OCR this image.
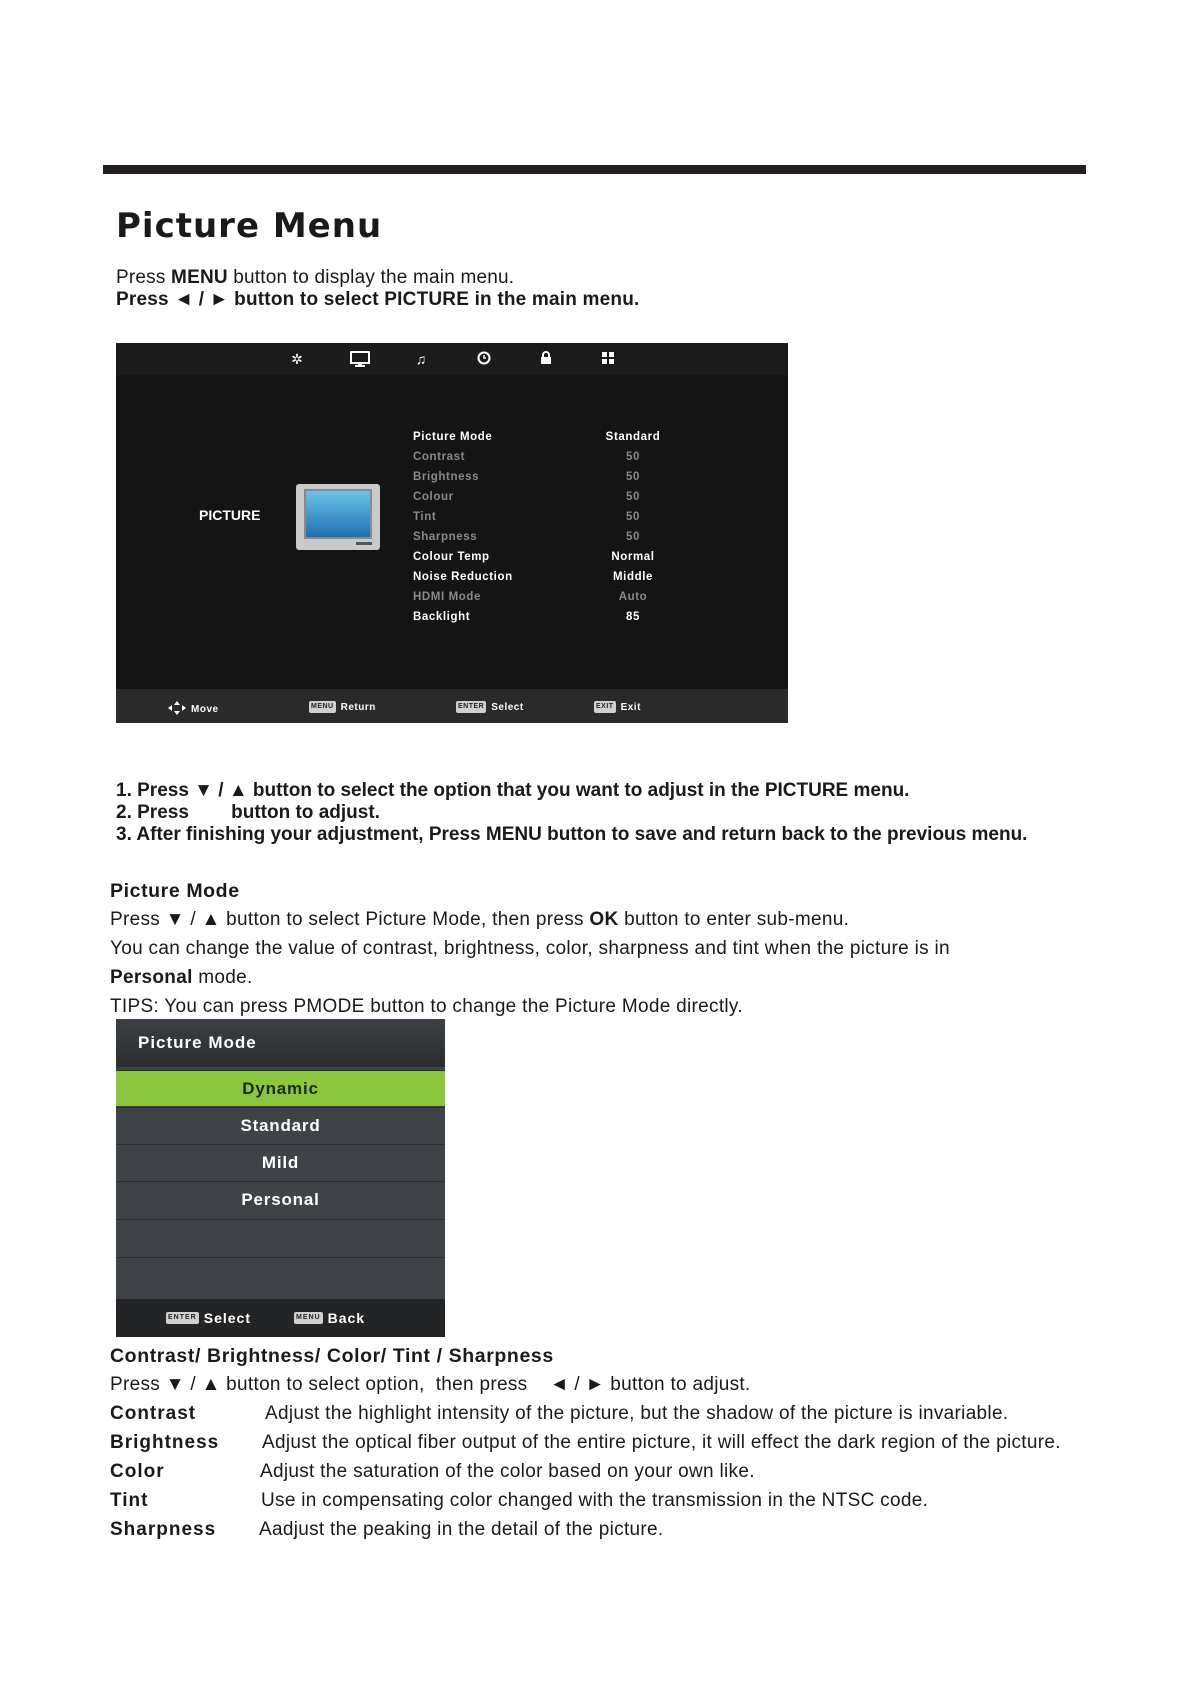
Picture Menu
Press MENU button to display the main menu.
Press ◄ / ► button to select PICTURE in the main menu.
✲	♫
PICTURE
Picture Mode	Standard
Contrast	50
Brightness	50
Colour	50
Tint	50
Sharpness	50
Colour Temp	Normal
Noise Reduction	Middle
HDMI Mode	Auto
Backlight	85
Move	MENU Return	ENTER Select	EXIT Exit
1. Press ▼ / ▲ button to select the option that you want to adjust in the PICTURE menu.
2. Press        button to adjust.
3. After finishing your adjustment, Press MENU button to save and return back to the previous menu.
Picture Mode
Press ▼ / ▲ button to select Picture Mode, then press OK button to enter sub-menu.
You can change the value of contrast, brightness, color, sharpness and tint when the picture is in
Personal mode.
TIPS: You can press PMODE button to change the Picture Mode directly.
Picture Mode
Dynamic
Standard
Mild
Personal
ENTER Select	MENU Back
Contrast/ Brightness/ Color/ Tint / Sharpness
Press ▼ / ▲ button to select option,  then press    ◄ / ► button to adjust.
Contrast	Adjust the highlight intensity of the picture, but the shadow of the picture is invariable.
Brightness Adjust the optical fiber output of the entire picture, it will effect the dark region of the picture.
Color	Adjust the saturation of the color based on your own like.
Tint	Use in compensating color changed with the transmission in the NTSC code.
Sharpness Aadjust the peaking in the detail of the picture.
